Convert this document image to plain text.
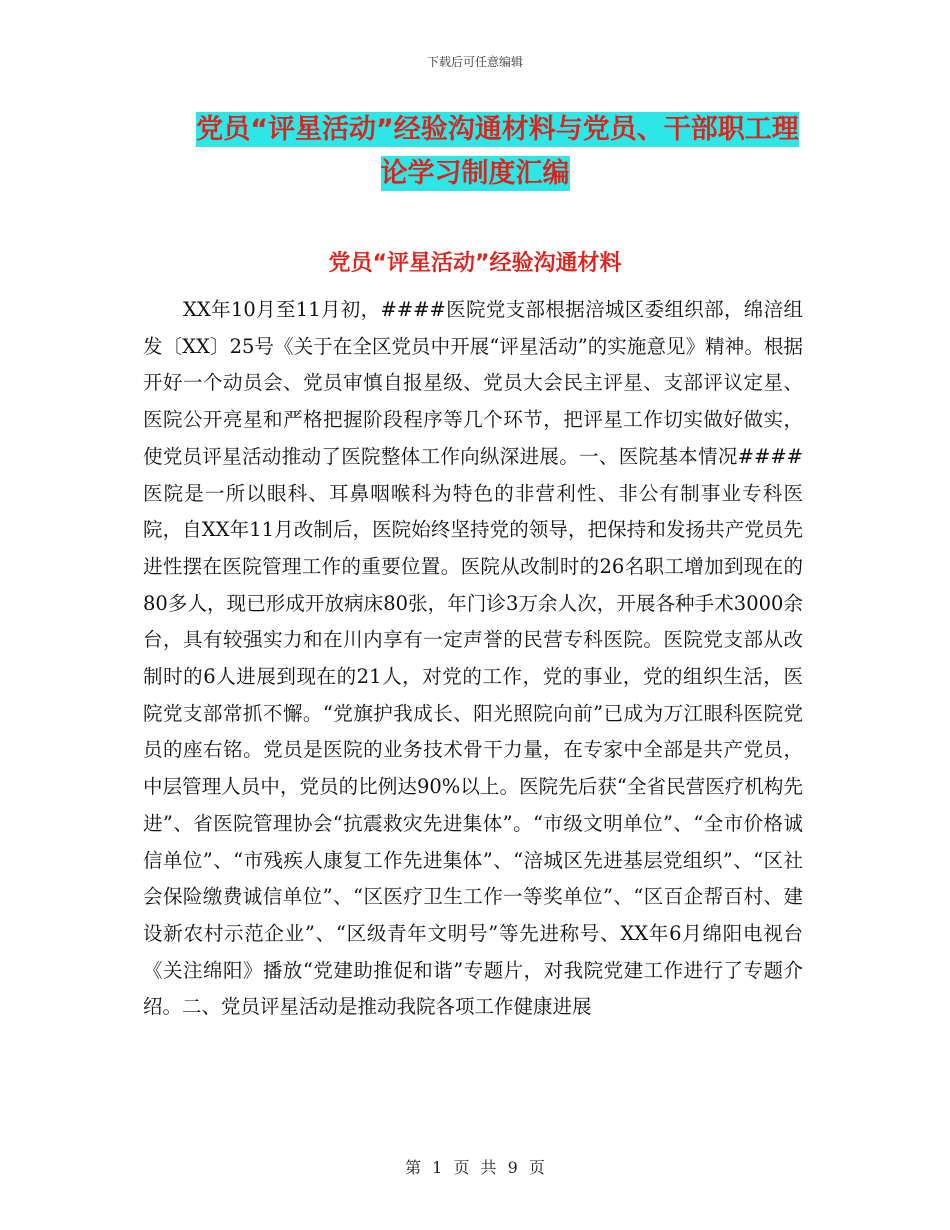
下载后可任意编辑
党员“评星活动”经验沟通材料与党员、干部职工理
论学习制度汇编
党员“评星活动”经验沟通材料

XX年10月至11月初，####医院党支部根据涪城区委组织部，绵涪组发〔XX〕25号《关于在全区党员中开展“评星活动”的实施意见》精神。根据开好一个动员会、党员审慎自报星级、党员大会民主评星、支部评议定星、医院公开亮星和严格把握阶段程序等几个环节，把评星工作切实做好做实，使党员评星活动推动了医院整体工作向纵深进展。一、医院基本情况####医院是一所以眼科、耳鼻咽喉科为特色的非营利性、非公有制事业专科医院，自XX年11月改制后，医院始终坚持党的领导，把保持和发扬共产党员先进性摆在医院管理工作的重要位置。医院从改制时的26名职工增加到现在的80多人，现已形成开放病床80张，年门诊3万余人次，开展各种手术3000余台，具有较强实力和在川内享有一定声誉的民营专科医院。医院党支部从改制时的6人进展到现在的21人，对党的工作，党的事业，党的组织生活，医院党支部常抓不懈。“党旗护我成长、阳光照院向前”已成为万江眼科医院党员的座右铭。党员是医院的业务技术骨干力量，在专家中全部是共产党员，中层管理人员中，党员的比例达90%以上。医院先后获“全省民营医疗机构先进”、省医院管理协会“抗震救灾先进集体”。“市级文明单位”、“全市价格诚信单位”、“市残疾人康复工作先进集体”、“涪城区先进基层党组织”、“区社会保险缴费诚信单位”、“区医疗卫生工作一等奖单位”、“区百企帮百村、建设新农村示范企业”、“区级青年文明号”等先进称号、XX年6月绵阳电视台《关注绵阳》播放“党建助推促和谐”专题片，对我院党建工作进行了专题介绍。二、党员评星活动是推动我院各项工作健康进展

第 1 页 共 9 页
